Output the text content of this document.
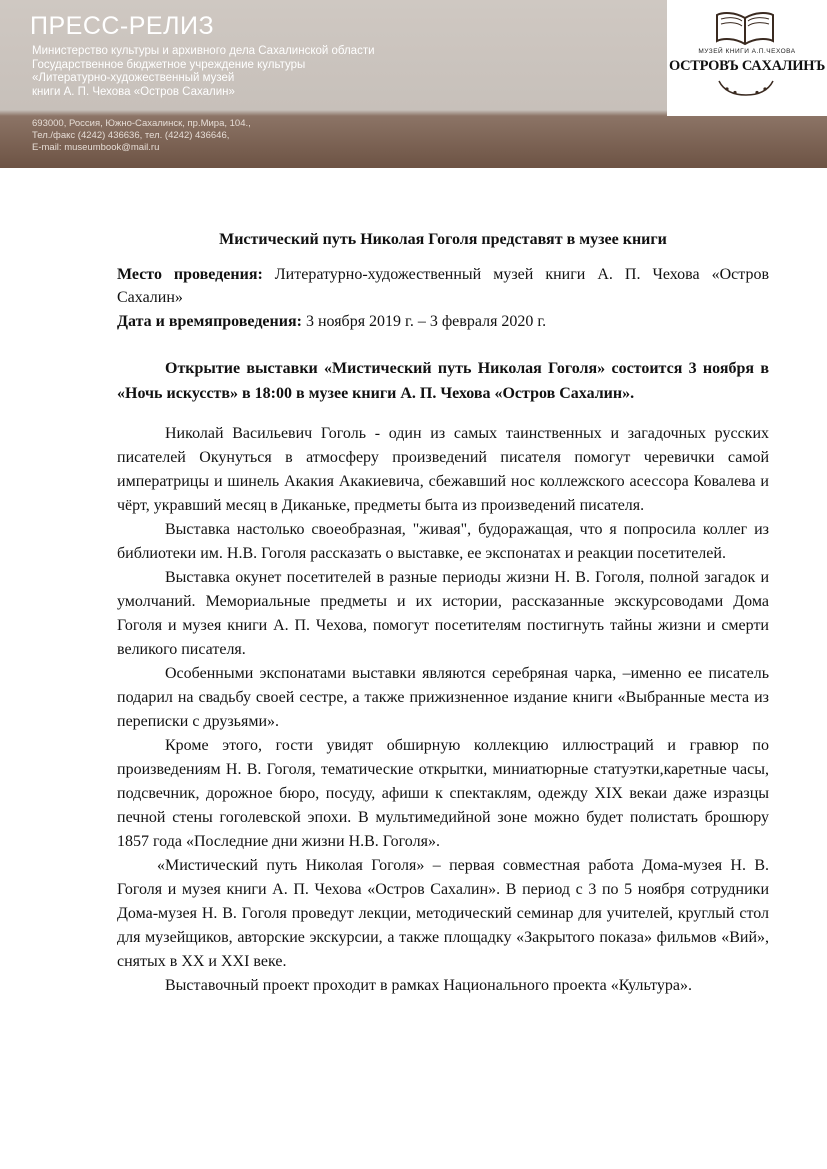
ПРЕСС-РЕЛИЗ
Министерство культуры и архивного дела Сахалинской области
Государственное бюджетное учреждение культуры
«Литературно-художественный музей
книги А. П. Чехова «Остров Сахалин»
693000, Россия, Южно-Сахалинск, пр.Мира, 104.,
Тел./факс (4242) 436636, тел. (4242) 436646,
E-mail: museumbook@mail.ru
МУЗЕЙ КНИГИ А.П.ЧЕХОВА
ОСТРОВЪ САХАЛИНЪ
Мистический путь Николая Гоголя представят в музее книги

Место проведения: Литературно-художественный музей книги А. П. Чехова «Остров Сахалин»

Дата и времяпроведения: 3 ноября 2019 г. – 3 февраля 2020 г.

Открытие выставки «Мистический путь Николая Гоголя» состоится 3 ноября в «Ночь искусств» в 18:00 в музее книги А. П. Чехова «Остров Сахалин».

Николай Васильевич Гоголь - один из самых таинственных и загадочных русских писателей Окунуться в атмосферу произведений писателя помогут черевички самой императрицы и шинель Акакия Акакиевича, сбежавший нос коллежского асессора Ковалева и чёрт, укравший месяц в Диканьке, предметы быта из произведений писателя.

Выставка настолько своеобразная, "живая", будоражащая, что я попросила коллег из библиотеки им. Н.В. Гоголя рассказать о выставке, ее экспонатах и реакции посетителей.

Выставка окунет посетителей в разные периоды жизни Н. В. Гоголя, полной загадок и умолчаний. Мемориальные предметы и их истории, рассказанные экскурсоводами Дома Гоголя и музея книги А. П. Чехова, помогут посетителям постигнуть тайны жизни и смерти великого писателя.

Особенными экспонатами выставки являются серебряная чарка, –именно ее писатель подарил на свадьбу своей сестре, а также прижизненное издание книги «Выбранные места из переписки с друзьями».

Кроме этого, гости увидят обширную коллекцию иллюстраций и гравюр по произведениям Н. В. Гоголя, тематические открытки, миниатюрные статуэтки,каретные часы, подсвечник, дорожное бюро, посуду, афиши к спектаклям, одежду XIX векаи даже изразцы печной стены гоголевской эпохи. В мультимедийной зоне можно будет полистать брошюру 1857 года «Последние дни жизни Н.В. Гоголя».

«Мистический путь Николая Гоголя» – первая совместная работа Дома-музея Н. В. Гоголя и музея книги А. П. Чехова «Остров Сахалин». В период с 3 по 5 ноября сотрудники Дома-музея Н. В. Гоголя проведут лекции, методический семинар для учителей, круглый стол для музейщиков, авторские экскурсии, а также площадку «Закрытого показа» фильмов «Вий», снятых в XX и XXI веке.

Выставочный проект проходит в рамках Национального проекта «Культура».
